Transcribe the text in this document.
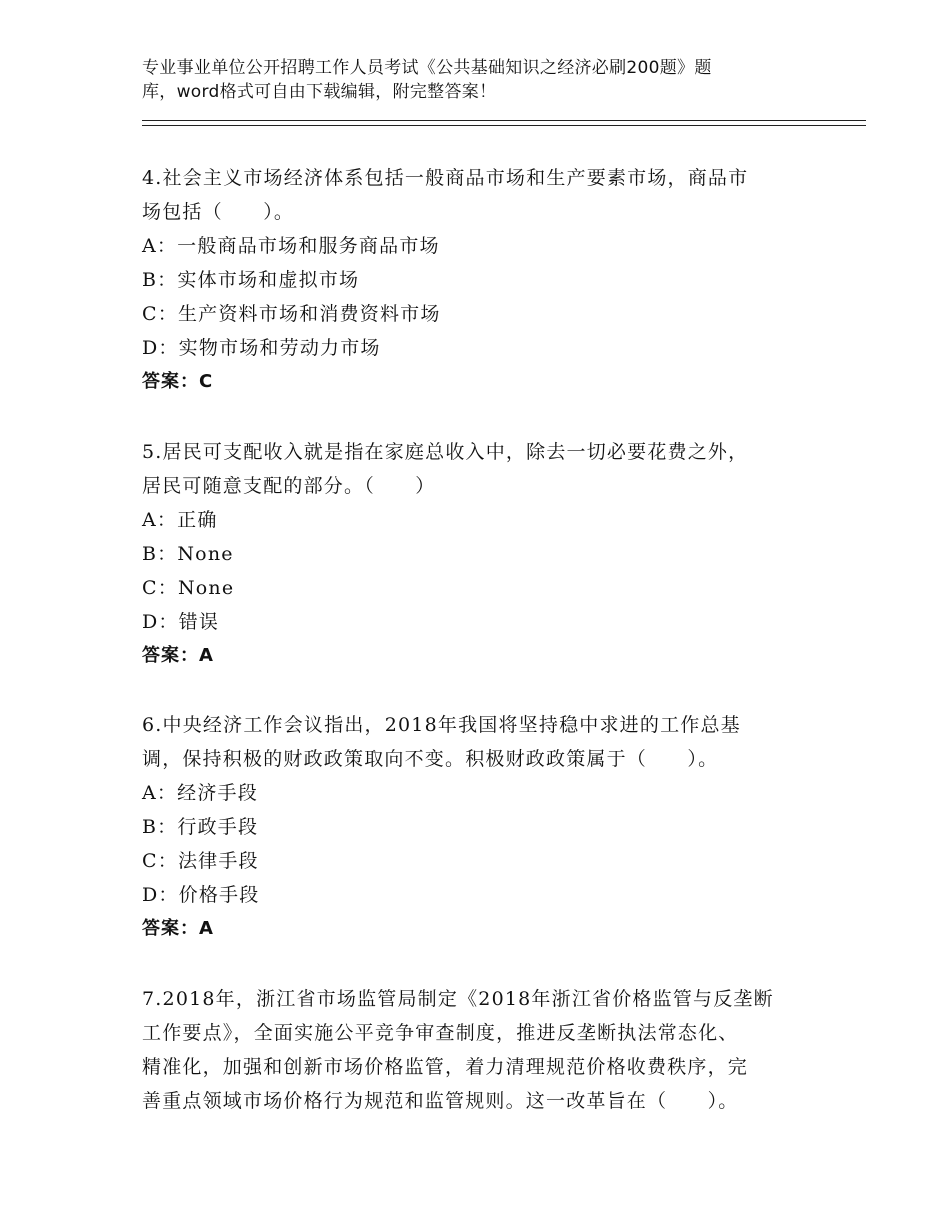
专业事业单位公开招聘工作人员考试《公共基础知识之经济必刷200题》题
库，word格式可自由下载编辑，附完整答案！
4.社会主义市场经济体系包括一般商品市场和生产要素市场，商品市
场包括（　　）。
A：一般商品市场和服务商品市场
B：实体市场和虚拟市场
C：生产资料市场和消费资料市场
D：实物市场和劳动力市场
答案：C
5.居民可支配收入就是指在家庭总收入中，除去一切必要花费之外，
居民可随意支配的部分。（　　）
A：正确
B：None
C：None
D：错误
答案：A
6.中央经济工作会议指出，2018年我国将坚持稳中求进的工作总基
调，保持积极的财政政策取向不变。积极财政政策属于（　　）。
A：经济手段
B：行政手段
C：法律手段
D：价格手段
答案：A
7.2018年，浙江省市场监管局制定《2018年浙江省价格监管与反垄断
工作要点》，全面实施公平竞争审查制度，推进反垄断执法常态化、
精准化，加强和创新市场价格监管，着力清理规范价格收费秩序，完
善重点领域市场价格行为规范和监管规则。这一改革旨在（　　）。
